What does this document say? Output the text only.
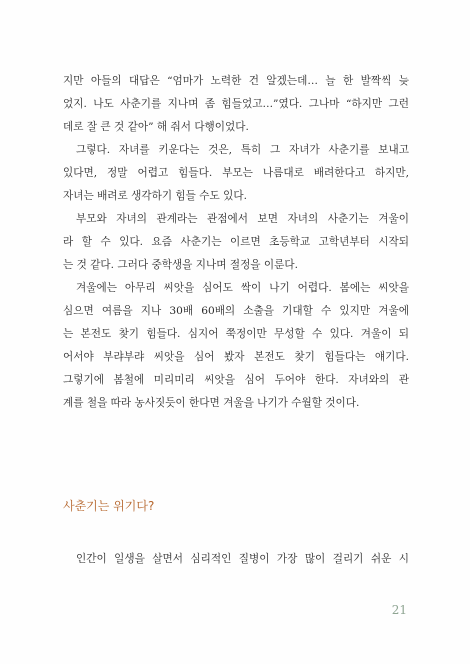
지만 아들의 대답은 “엄마가 노력한 건 알겠는데… 늘 한 발짝씩 늦
었지. 나도 사춘기를 지나며 좀 힘들었고…”였다. 그나마 “하지만 그런
데로 잘 큰 것 같아” 해 줘서 다행이었다.
그렇다. 자녀를 키운다는 것은, 특히 그 자녀가 사춘기를 보내고
있다면, 정말 어렵고 힘들다. 부모는 나름대로 배려한다고 하지만,
자녀는 배려로 생각하기 힘들 수도 있다.
부모와 자녀의 관계라는 관점에서 보면 자녀의 사춘기는 겨울이
라 할 수 있다. 요즘 사춘기는 이르면 초등학교 고학년부터 시작되
는 것 같다. 그러다 중학생을 지나며 절정을 이룬다.
겨울에는 아무리 씨앗을 심어도 싹이 나기 어렵다. 봄에는 씨앗을
심으면 여름을 지나 30배 60배의 소출을 기대할 수 있지만 겨울에
는 본전도 찾기 힘들다. 심지어 쭉정이만 무성할 수 있다. 겨울이 되
어서야 부랴부랴 씨앗을 심어 봤자 본전도 찾기 힘들다는 얘기다.
그렇기에 봄철에 미리미리 씨앗을 심어 두어야 한다. 자녀와의 관
계를 철을 따라 농사짓듯이 한다면 겨울을 나기가 수월할 것이다.
사춘기는 위기다?
인간이 일생을 살면서 심리적인 질병이 가장 많이 걸리기 쉬운 시
21
